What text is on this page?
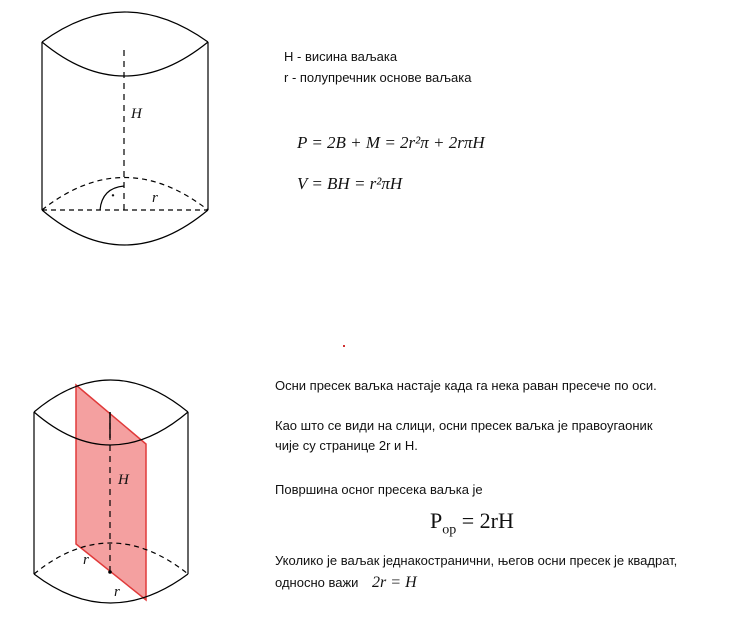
H
r
·
H - висина ваљака
r - полупречник основе ваљака
P = 2B + M = 2r²π + 2rπH
V = BH = r²πH
H
r
r
Осни пресек ваљка настаје када га нека раван пресече по оси.
Као што се види на слици, осни пресек ваљка је правоугаоник
чије су странице 2r и H.
Површина осног пресека ваљка је
$P_{op} = 2rH$
Уколико је ваљак једнакостранични, његов осни пресек је квадрат,
односно важи 2r = H
